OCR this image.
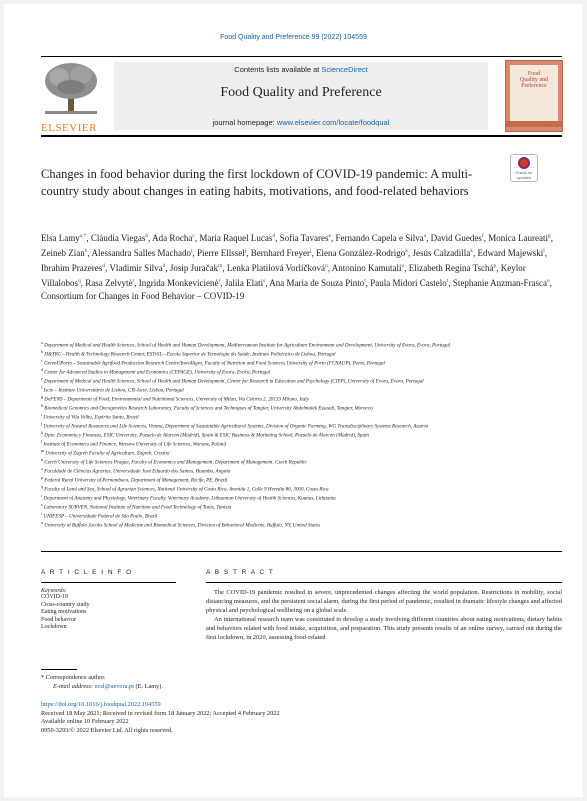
Food Quality and Preference 99 (2022) 104559
ELSEVIER
Contents lists available at ScienceDirect
Food Quality and Preference
journal homepage: www.elsevier.com/locate/foodqual
Food
Quality and
Preference
Changes in food behavior during the first lockdown of COVID-19 pandemic: A multi-country study about changes in eating habits, motivations, and food-related behaviors
Check for updates
Elsa Lamy$^{a,*}$, Cláudia Viegas$^b$, Ada Rocha$^c$, Maria Raquel Lucas$^d$, Sofia Tavares$^e$, Fernando Capela e Silva$^a$, David Guedes$^f$, Monica Laureati$^g$, Zeineb Zian$^h$, Alessandra Salles Machado$^i$, Pierre Ellssel$^j$, Bernhard Freyer$^j$, Elena González-Rodrigo$^k$, Jesús Calzadilla$^k$, Edward Majewski$^l$, Ibrahim Prazeres$^d$, Vladimir Silva$^d$, Josip Juračak$^m$, Lenka Platilová Vorlíčková$^n$, Antonino Kamutali$^o$, Elizabeth Regina Tschá$^p$, Keylor Villalobos$^q$, Rasa Zelvytė$^r$, Ingrida Monkevicienė$^r$, Jalila Elati$^s$, Ana Maria de Souza Pinto$^t$, Paula Midori Castelo$^t$, Stephanie Anzman-Frasca$^u$, Consortium for Changes in Food Behavior – COVID-19
$^a$ Department of Medical and Health Sciences, School of Health and Human Development, Mediterranean Institute for Agriculture Environment and Development, University of Evora, Evora, Portugal
$^b$ H&TRC—Health & Technology Research Center, ESTeSL—Escola Superior de Tecnologia da Saúde, Instituto Politécnico de Lisboa, Portugal
$^c$ GreenUPorto – Sustainable Agrifood Production Research Centre/Inov4Agro, Faculty of Nutrition and Food Sciences University of Porto (FCNAUP), Porto, Portugal
$^d$ Center for Advanced Studies in Management and Economics (CEFAGE), University of Evora, Evora, Portugal
$^e$ Department of Medical and Health Sciences, School of Health and Human Development, Center for Research in Education and Psychology (CIEP), University of Evora, Evora, Portugal
$^f$ Iscte – Instituto Universitário de Lisboa, CIS-Iscte, Lisboa, Portugal
$^g$ DeFENS – Department of Food, Environmental and Nutritional Sciences, University of Milan, Via Celoria 2, 20133 Milano, Italy
$^h$ Biomedical Genomics and Oncogenetics Research Laboratory, Faculty of Sciences and Techniques of Tangier, University Abdelmalek Essaadi, Tangier, Morocco
$^i$ University of Vila Velha, Espírito Santo, Brazil
$^j$ University of Natural Resources and Life Sciences, Vienna, Department of Sustainable Agricultural Systems, Division of Organic Farming, WG Transdisciplinary Systems Research, Austria
$^k$ Dpto. Economía y Finanzas, ESIC University, Pozuelo de Alarcón (Madrid), Spain & ESIC Business & Marketing School, Pozuelo de Alarcón (Madrid), Spain
$^l$ Institute of Economics and Finance, Warsaw University of Life Sciences, Warsaw, Poland
$^m$ University of Zagreb Faculty of Agriculture, Zagreb, Croatia
$^n$ Czech University of Life Sciences Prague, Faculty of Economics and Management, Department of Management, Czech Republic
$^o$ Faculdade de Ciências Agrárias, Universidade José Eduardo dos Santos, Huambo, Angola
$^p$ Federal Rural University of Pernambuco, Department of Management, Recife, PE, Brazil
$^q$ Faculty of Land and Sea, School of Agrarian Sciences, National University of Costa Rica, Avenida 1, Calle 9 Heredia 86, 3000, Costa Rica
$^r$ Department of Anatomy and Physiology, Veterinary Faculty, Veterinary Academy, Lithuanian University of Health Sciences, Kaunas, Lithuania
$^s$ Laboratory SURVEN, National Institute of Nutrition and Food Technology of Tunis, Tunisia
$^t$ UNIFESP – Universidade Federal de São Paulo, Brazil
$^u$ University at Buffalo Jacobs School of Medicine and Biomedical Sciences, Division of Behavioral Medicine, Buffalo, NY, United States
A R T I C L E I N F O
Keywords:
COVID-19
Cross-country study
Eating motivations
Food behavior
Lockdown
A B S T R A C T

The COVID-19 pandemic resulted in severe, unprecedented changes affecting the world population. Restrictions in mobility, social distancing measures, and the persistent social alarm, during the first period of pandemic, resulted in dramatic lifestyle changes and affected physical and psychological wellbeing on a global scale.

An international research team was constituted to develop a study involving different countries about eating motivations, dietary habits and behaviors related with food intake, acquisition, and preparation. This study presents results of an online survey, carried out during the first lockdown, in 2020, assessing food-related

* Correspondence author.
E-mail address: ecsl@uevora.pt (E. Lamy).
https://doi.org/10.1016/j.foodqual.2022.104559
Received 18 May 2021; Received in revised form 18 January 2022; Accepted 4 February 2022
Available online 10 February 2022
0950-3293/© 2022 Elsevier Ltd. All rights reserved.
